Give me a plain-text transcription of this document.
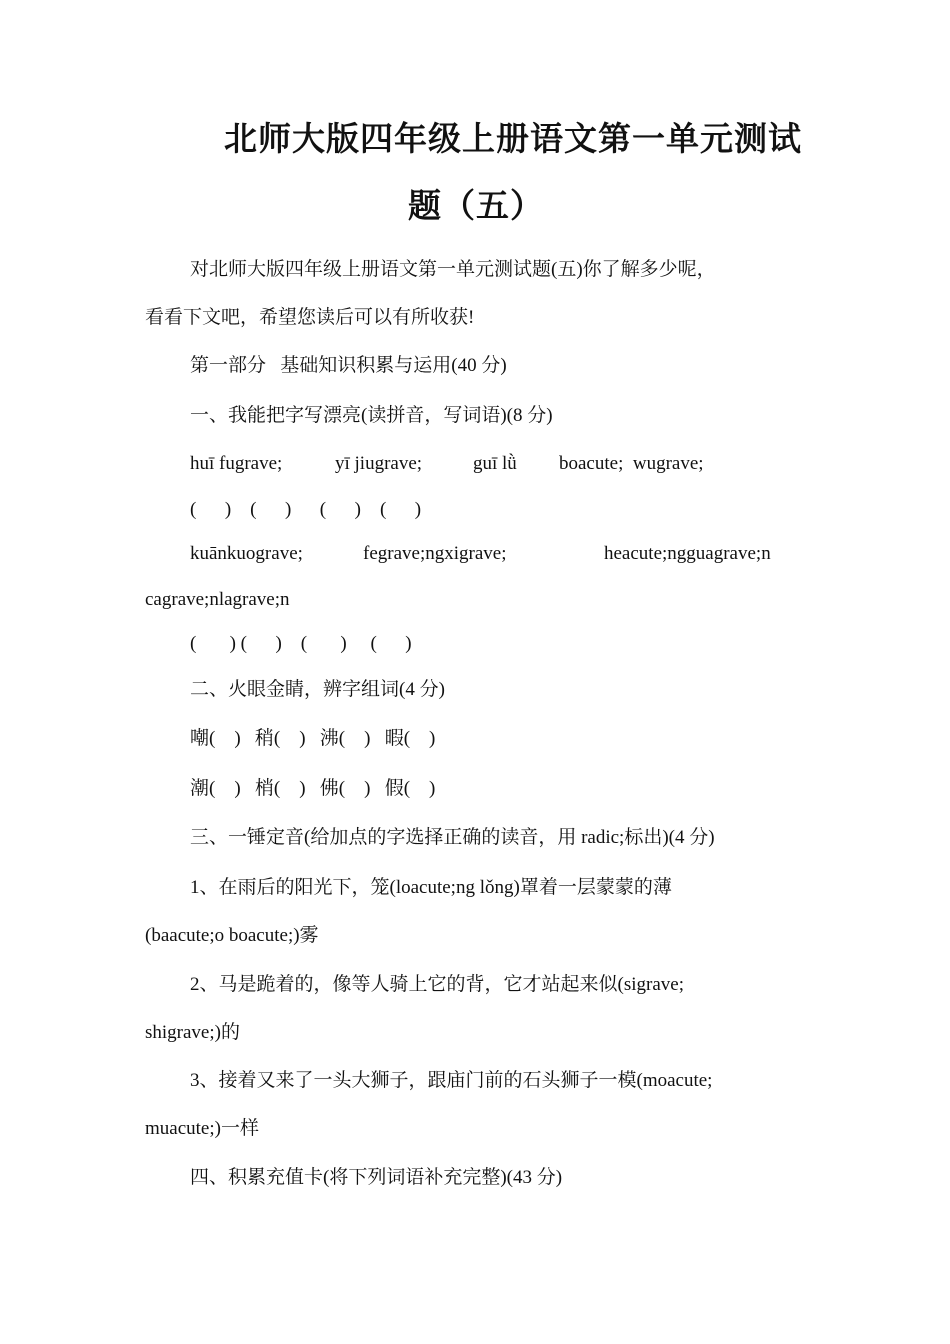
北师大版四年级上册语文第一单元测试
题（五）
对北师大版四年级上册语文第一单元测试题(五)你了解多少呢，
看看下文吧，希望您读后可以有所收获!
第一部分   基础知识积累与运用(40 分)
一、我能把字写漂亮(读拼音，写词语)(8 分)
huī fugrave;	yī jiugrave;	guī lǜ boacute;  wugrave;
(      )    (      )      (      )    (      )
kuānkuograve;	fegrave;ngxigrave;	heacute;ngguagrave;n
cagrave;nlagrave;n
(       ) (      )    (       )     (      )
二、火眼金睛，辨字组词(4 分)
嘲(    )   稍(    )   沸(    )   暇(    )
潮(    )   梢(    )   佛(    )   假(    )
三、一锤定音(给加点的字选择正确的读音，用 radic;标出)(4 分)
1、在雨后的阳光下，笼(loacute;ng lǒng)罩着一层蒙蒙的薄
(baacute;o boacute;)雾
2、马是跪着的，像等人骑上它的背，它才站起来似(sigrave;
shigrave;)的
3、接着又来了一头大狮子，跟庙门前的石头狮子一模(moacute;
muacute;)一样
四、积累充值卡(将下列词语补充完整)(43 分)
